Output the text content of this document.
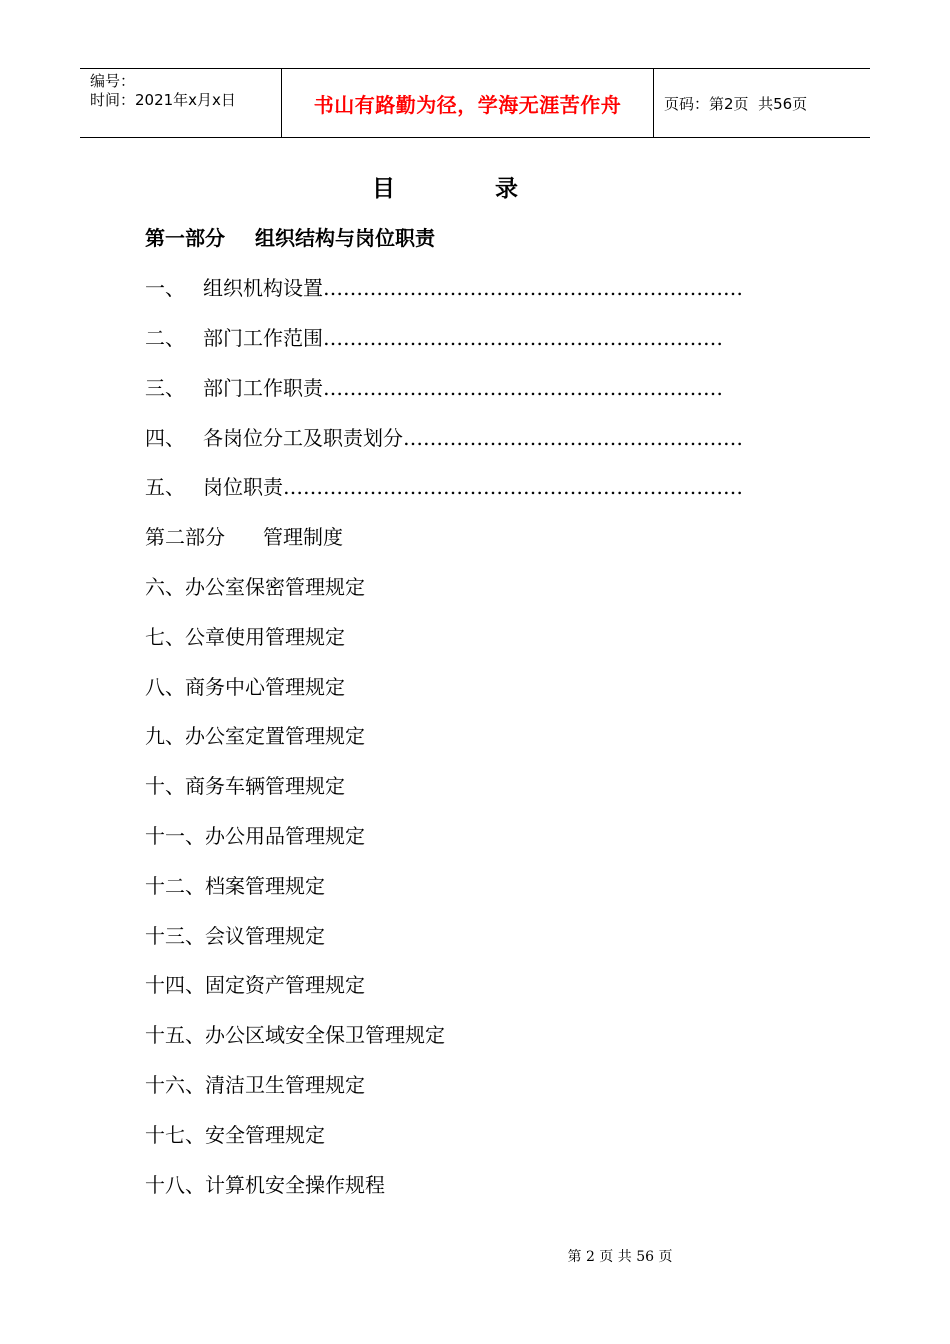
编号：
时间：2021年x月x日	书山有路勤为径，学海无涯苦作舟	页码：第2页  共56页
目录
第一部分 组织结构与岗位职责
一、 组织机构设置………………………………………………………
二、 部门工作范围……………………………………………………
三、 部门工作职责……………………………………………………
四、 各岗位分工及职责划分……………………………………………
五、 岗位职责……………………………………………………………
第二部分 管理制度
六、办公室保密管理规定
七、公章使用管理规定
八、商务中心管理规定
九、办公室定置管理规定
十、商务车辆管理规定
十一、办公用品管理规定
十二、档案管理规定
十三、会议管理规定
十四、固定资产管理规定
十五、办公区域安全保卫管理规定
十六、清洁卫生管理规定
十七、安全管理规定
十八、计算机安全操作规程
第 2 页 共 56 页
